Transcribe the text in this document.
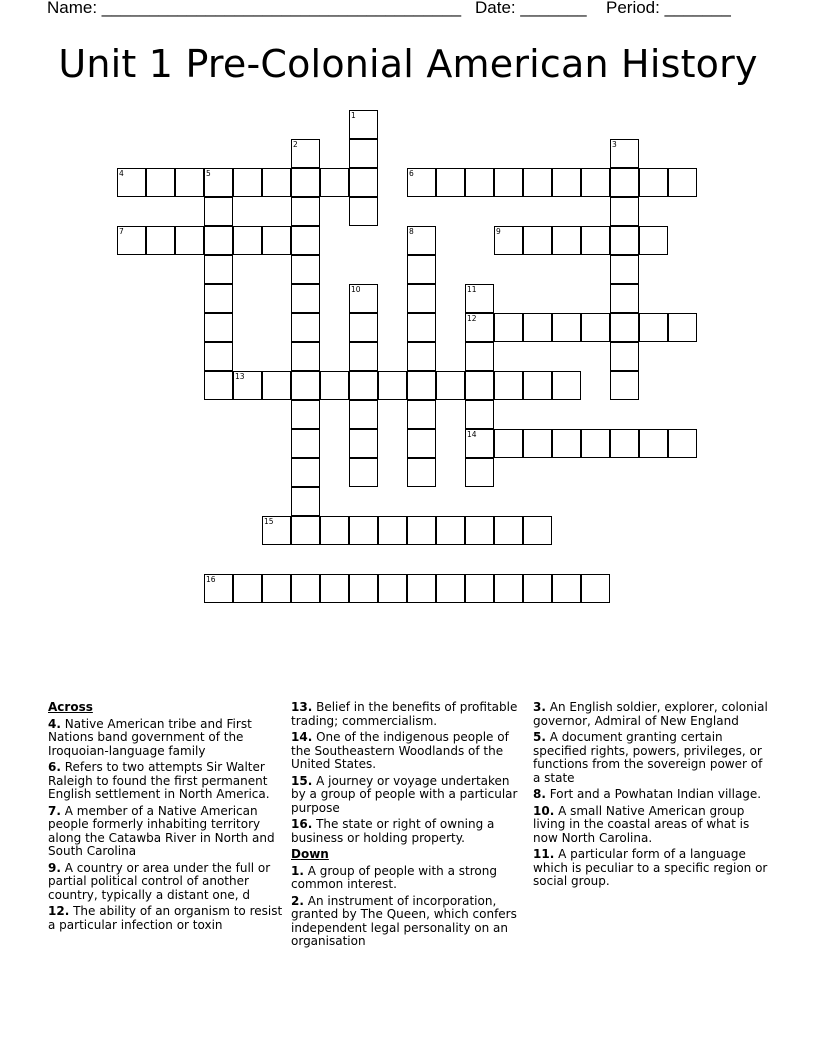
Name: ______________________________________ Date: _______ Period: _______
Unit 1 Pre-Colonial American History
1
2	3
4	5	6
7	8	9
10	11
12
14
13
15
16
Across
4. Native American tribe and First Nations band government of the Iroquoian-language family
6. Refers to two attempts Sir Walter Raleigh to found the first permanent English settlement in North America.
7. A member of a Native American people formerly inhabiting territory along the Catawba River in North and South Carolina
9. A country or area under the full or partial political control of another country, typically a distant one, d
12. The ability of an organism to resist a particular infection or toxin
13. Belief in the benefits of profitable trading; commercialism.
14. One of the indigenous people of the Southeastern Woodlands of the United States.
15. A journey or voyage undertaken by a group of people with a particular purpose
16. The state or right of owning a business or holding property.
Down
1. A group of people with a strong common interest.
2. An instrument of incorporation, granted by The Queen, which confers independent legal personality on an organisation
3. An English soldier, explorer, colonial governor, Admiral of New England
5. A document granting certain specified rights, powers, privileges, or functions from the sovereign power of a state
8. Fort and a Powhatan Indian village.
10. A small Native American group living in the coastal areas of what is now North Carolina.
11. A particular form of a language which is peculiar to a specific region or social group.
